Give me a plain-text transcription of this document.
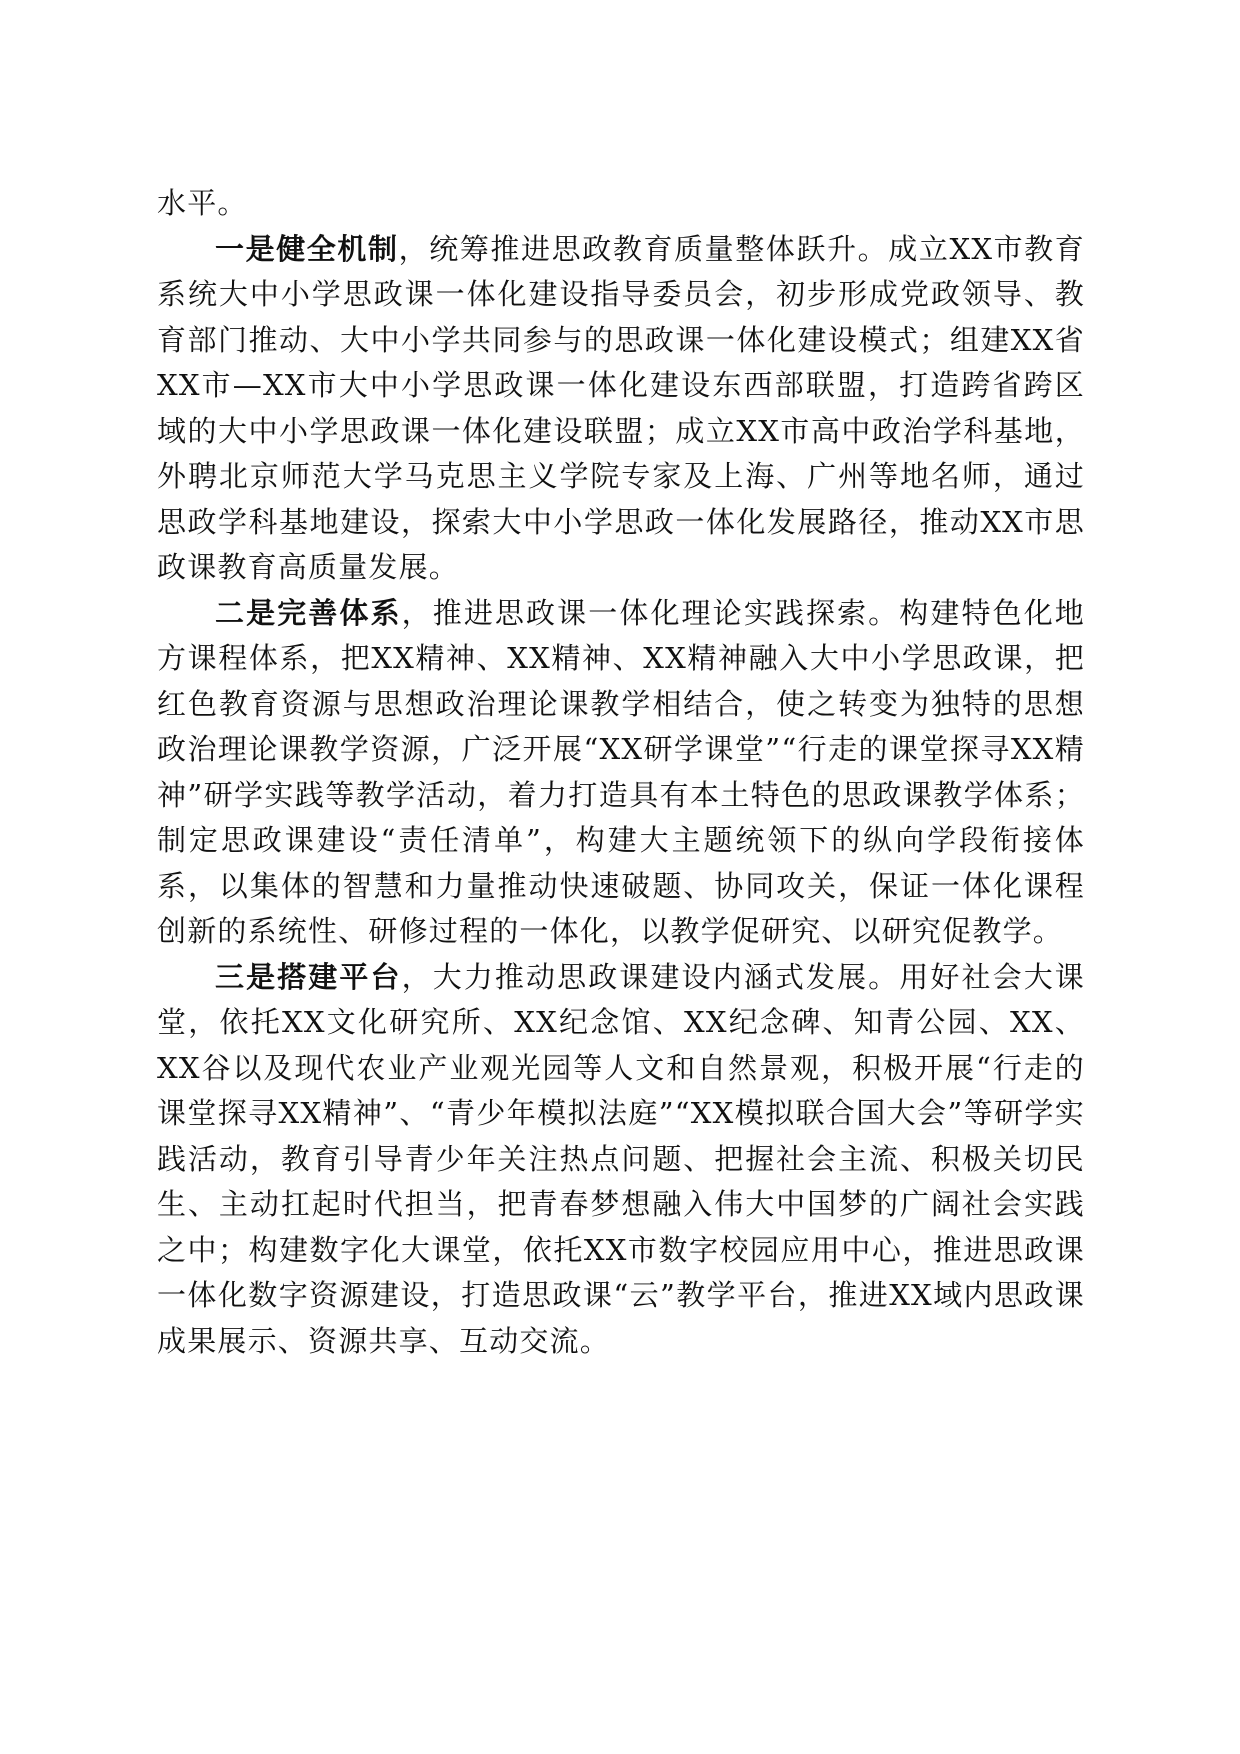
水平。

一是健全机制，统筹推进思政教育质量整体跃升。成立XX市教育系统大中小学思政课一体化建设指导委员会，初步形成党政领导、教育部门推动、大中小学共同参与的思政课一体化建设模式；组建XX省XX市—XX市大中小学思政课一体化建设东西部联盟，打造跨省跨区域的大中小学思政课一体化建设联盟；成立XX市高中政治学科基地，外聘北京师范大学马克思主义学院专家及上海、广州等地名师，通过思政学科基地建设，探索大中小学思政一体化发展路径，推动XX市思政课教育高质量发展。

二是完善体系，推进思政课一体化理论实践探索。构建特色化地方课程体系，把XX精神、XX精神、XX精神融入大中小学思政课，把红色教育资源与思想政治理论课教学相结合，使之转变为独特的思想政治理论课教学资源，广泛开展“XX研学课堂”“行走的课堂探寻XX精神”研学实践等教学活动，着力打造具有本土特色的思政课教学体系；制定思政课建设“责任清单”，构建大主题统领下的纵向学段衔接体系，以集体的智慧和力量推动快速破题、协同攻关，保证一体化课程创新的系统性、研修过程的一体化，以教学促研究、以研究促教学。

三是搭建平台，大力推动思政课建设内涵式发展。用好社会大课堂，依托XX文化研究所、XX纪念馆、XX纪念碑、知青公园、XX、XX谷以及现代农业产业观光园等人文和自然景观，积极开展“行走的课堂探寻XX精神”、“青少年模拟法庭”“XX模拟联合国大会”等研学实践活动，教育引导青少年关注热点问题、把握社会主流、积极关切民生、主动扛起时代担当，把青春梦想融入伟大中国梦的广阔社会实践之中；构建数字化大课堂，依托XX市数字校园应用中心，推进思政课一体化数字资源建设，打造思政课“云”教学平台，推进XX域内思政课成果展示、资源共享、互动交流。
